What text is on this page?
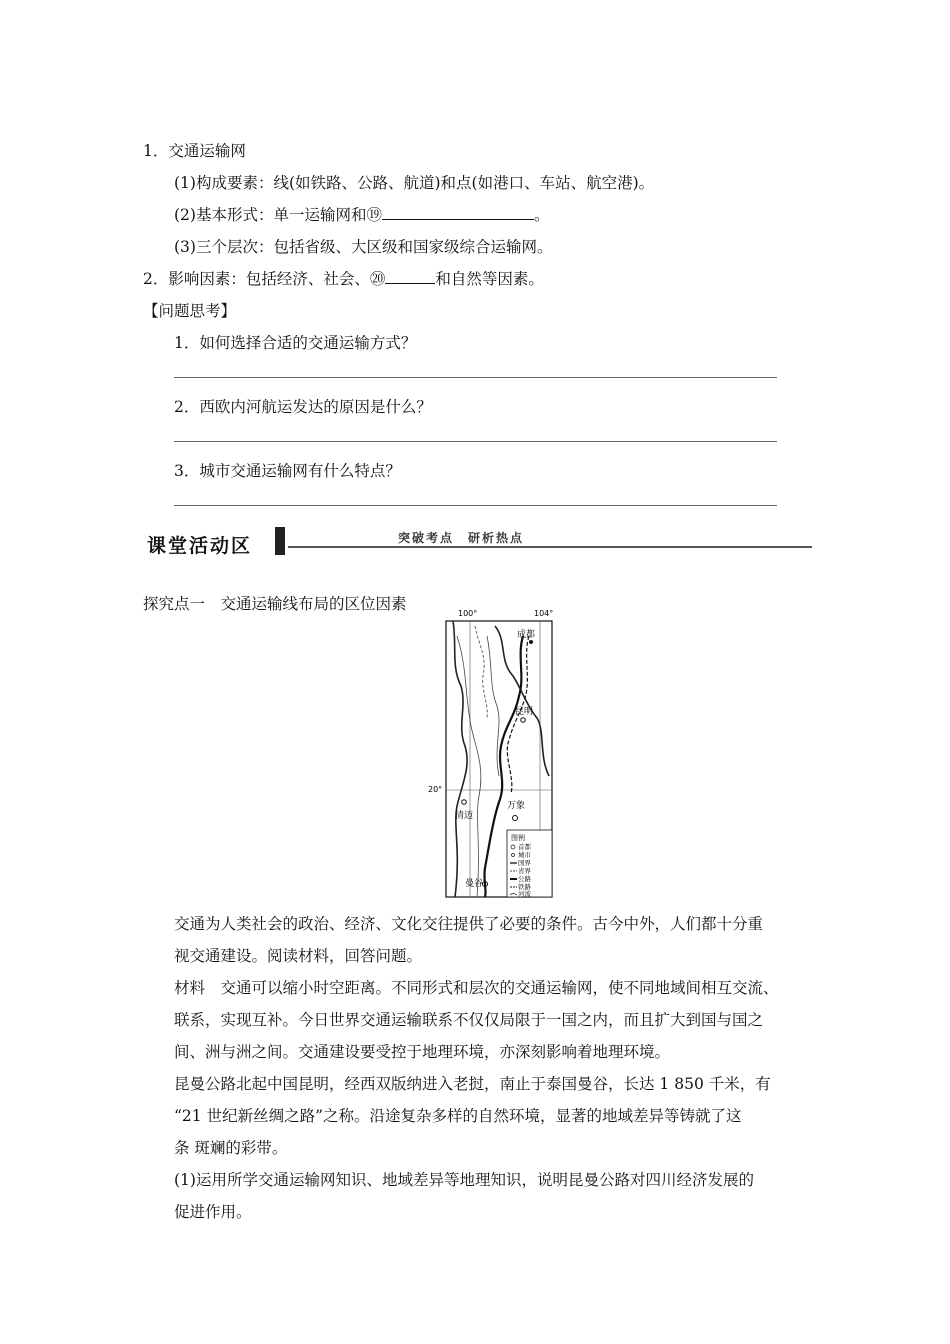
1．交通运输网
(1)构成要素：线(如铁路、公路、航道)和点(如港口、车站、航空港)。
(2)基本形式：单一运输网和⑲	。
(3)三个层次：包括省级、大区级和国家级综合运输网。
2．影响因素：包括经济、社会、⑳	和自然等因素。
【问题思考】
1．如何选择合适的交通运输方式？
2．西欧内河航运发达的原因是什么？
3．城市交通运输网有什么特点？
课堂活动区	突破考点　研析热点
探究点一　交通运输线布局的区位因素
100°	104°
20°
成都
昆明
清迈
万象
曼谷
图例
首都
城市
国界
省界
公路
铁路
河流
交通为人类社会的政治、经济、文化交往提供了必要的条件。古今中外，人们都十分重
视交通建设。阅读材料，回答问题。
材料　交通可以缩小时空距离。不同形式和层次的交通运输网，使不同地域间相互交流、
联系，实现互补。今日世界交通运输联系不仅仅局限于一国之内，而且扩大到国与国之
间、洲与洲之间。交通建设要受控于地理环境，亦深刻影响着地理环境。
昆曼公路北起中国昆明，经西双版纳进入老挝，南止于泰国曼谷，长达 1 850 千米，有
“21 世纪新丝绸之路”之称。沿途复杂多样的自然环境，显著的地域差异等铸就了这
条 斑斓的彩带。
(1)运用所学交通运输网知识、地域差异等地理知识，说明昆曼公路对四川经济发展的
促进作用。
